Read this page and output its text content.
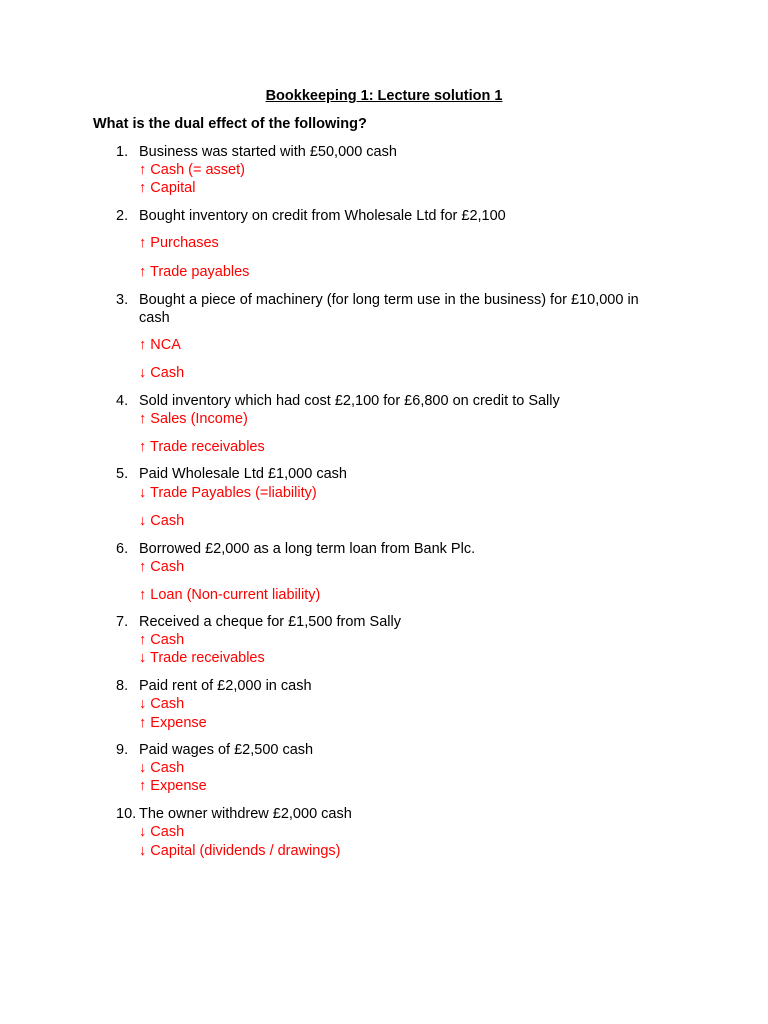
Bookkeeping 1: Lecture solution 1
What is the dual effect of the following?
1. Business was started with £50,000 cash
↑ Cash (= asset)
↑ Capital
2. Bought inventory on credit from Wholesale Ltd for £2,100
↑ Purchases
↑ Trade payables
3. Bought a piece of machinery (for long term use in the business) for £10,000 in
cash
↑ NCA
↓ Cash
4. Sold inventory which had cost £2,100 for £6,800 on credit to Sally
↑ Sales (Income)
↑ Trade receivables
5. Paid Wholesale Ltd £1,000 cash
↓ Trade Payables (=liability)
↓ Cash
6. Borrowed £2,000 as a long term loan from Bank Plc.
↑ Cash
↑ Loan (Non-current liability)
7. Received a cheque for £1,500 from Sally
↑ Cash
↓ Trade receivables
8. Paid rent of £2,000 in cash
↓ Cash
↑ Expense
9. Paid wages of £2,500 cash
↓ Cash
↑ Expense
10. The owner withdrew £2,000 cash
↓ Cash
↓ Capital (dividends / drawings)
